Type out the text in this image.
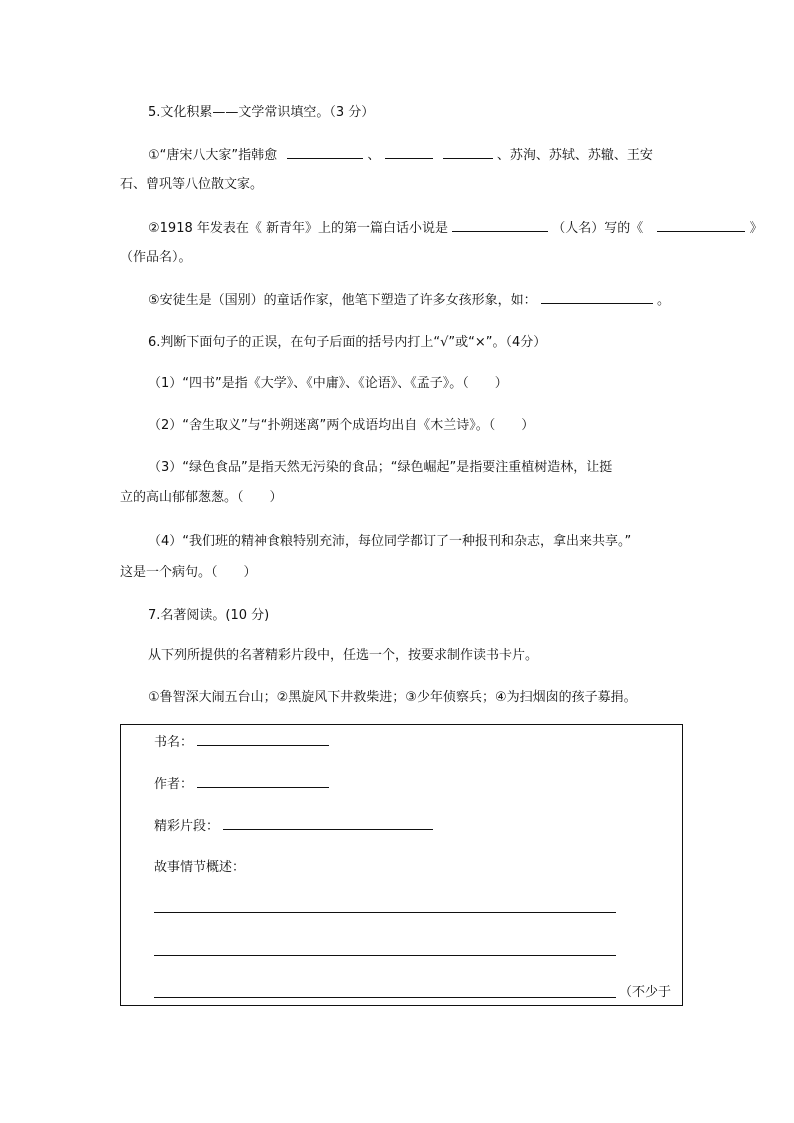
5.文化积累——文学常识填空。（3 分）
①“唐宋八大家”指韩愈	、	、苏洵、苏轼、苏辙、王安
石、曾巩等八位散文家。
②1918 年发表在《 新青年》上的第一篇白话小说是	（人名）写的《	》
（作品名）。
⑤安徒生是（国别）的童话作家，他笔下塑造了许多女孩形象，如：	。
6.判断下面句子的正误，在句子后面的括号内打上“√”或“×”。（4分）
（1）“四书”是指《大学》、《中庸》、《论语》、《孟子》。（　　）
（2）“舍生取义”与“扑朔迷离”两个成语均出自《木兰诗》。（　　）
（3）“绿色食品”是指天然无污染的食品；“绿色崛起”是指要注重植树造林，让挺
立的高山郁郁葱葱。（　　）
（4）“我们班的精神食粮特别充沛，每位同学都订了一种报刊和杂志，拿出来共享。”
这是一个病句。（　　）
7.名著阅读。(10 分)
从下列所提供的名著精彩片段中，任选一个，按要求制作读书卡片。
①鲁智深大闹五台山；②黑旋风下井救柴进；③少年侦察兵；④为扫烟囱的孩子募捐。
书名：
作者：
精彩片段：
故事情节概述：
（不少于
